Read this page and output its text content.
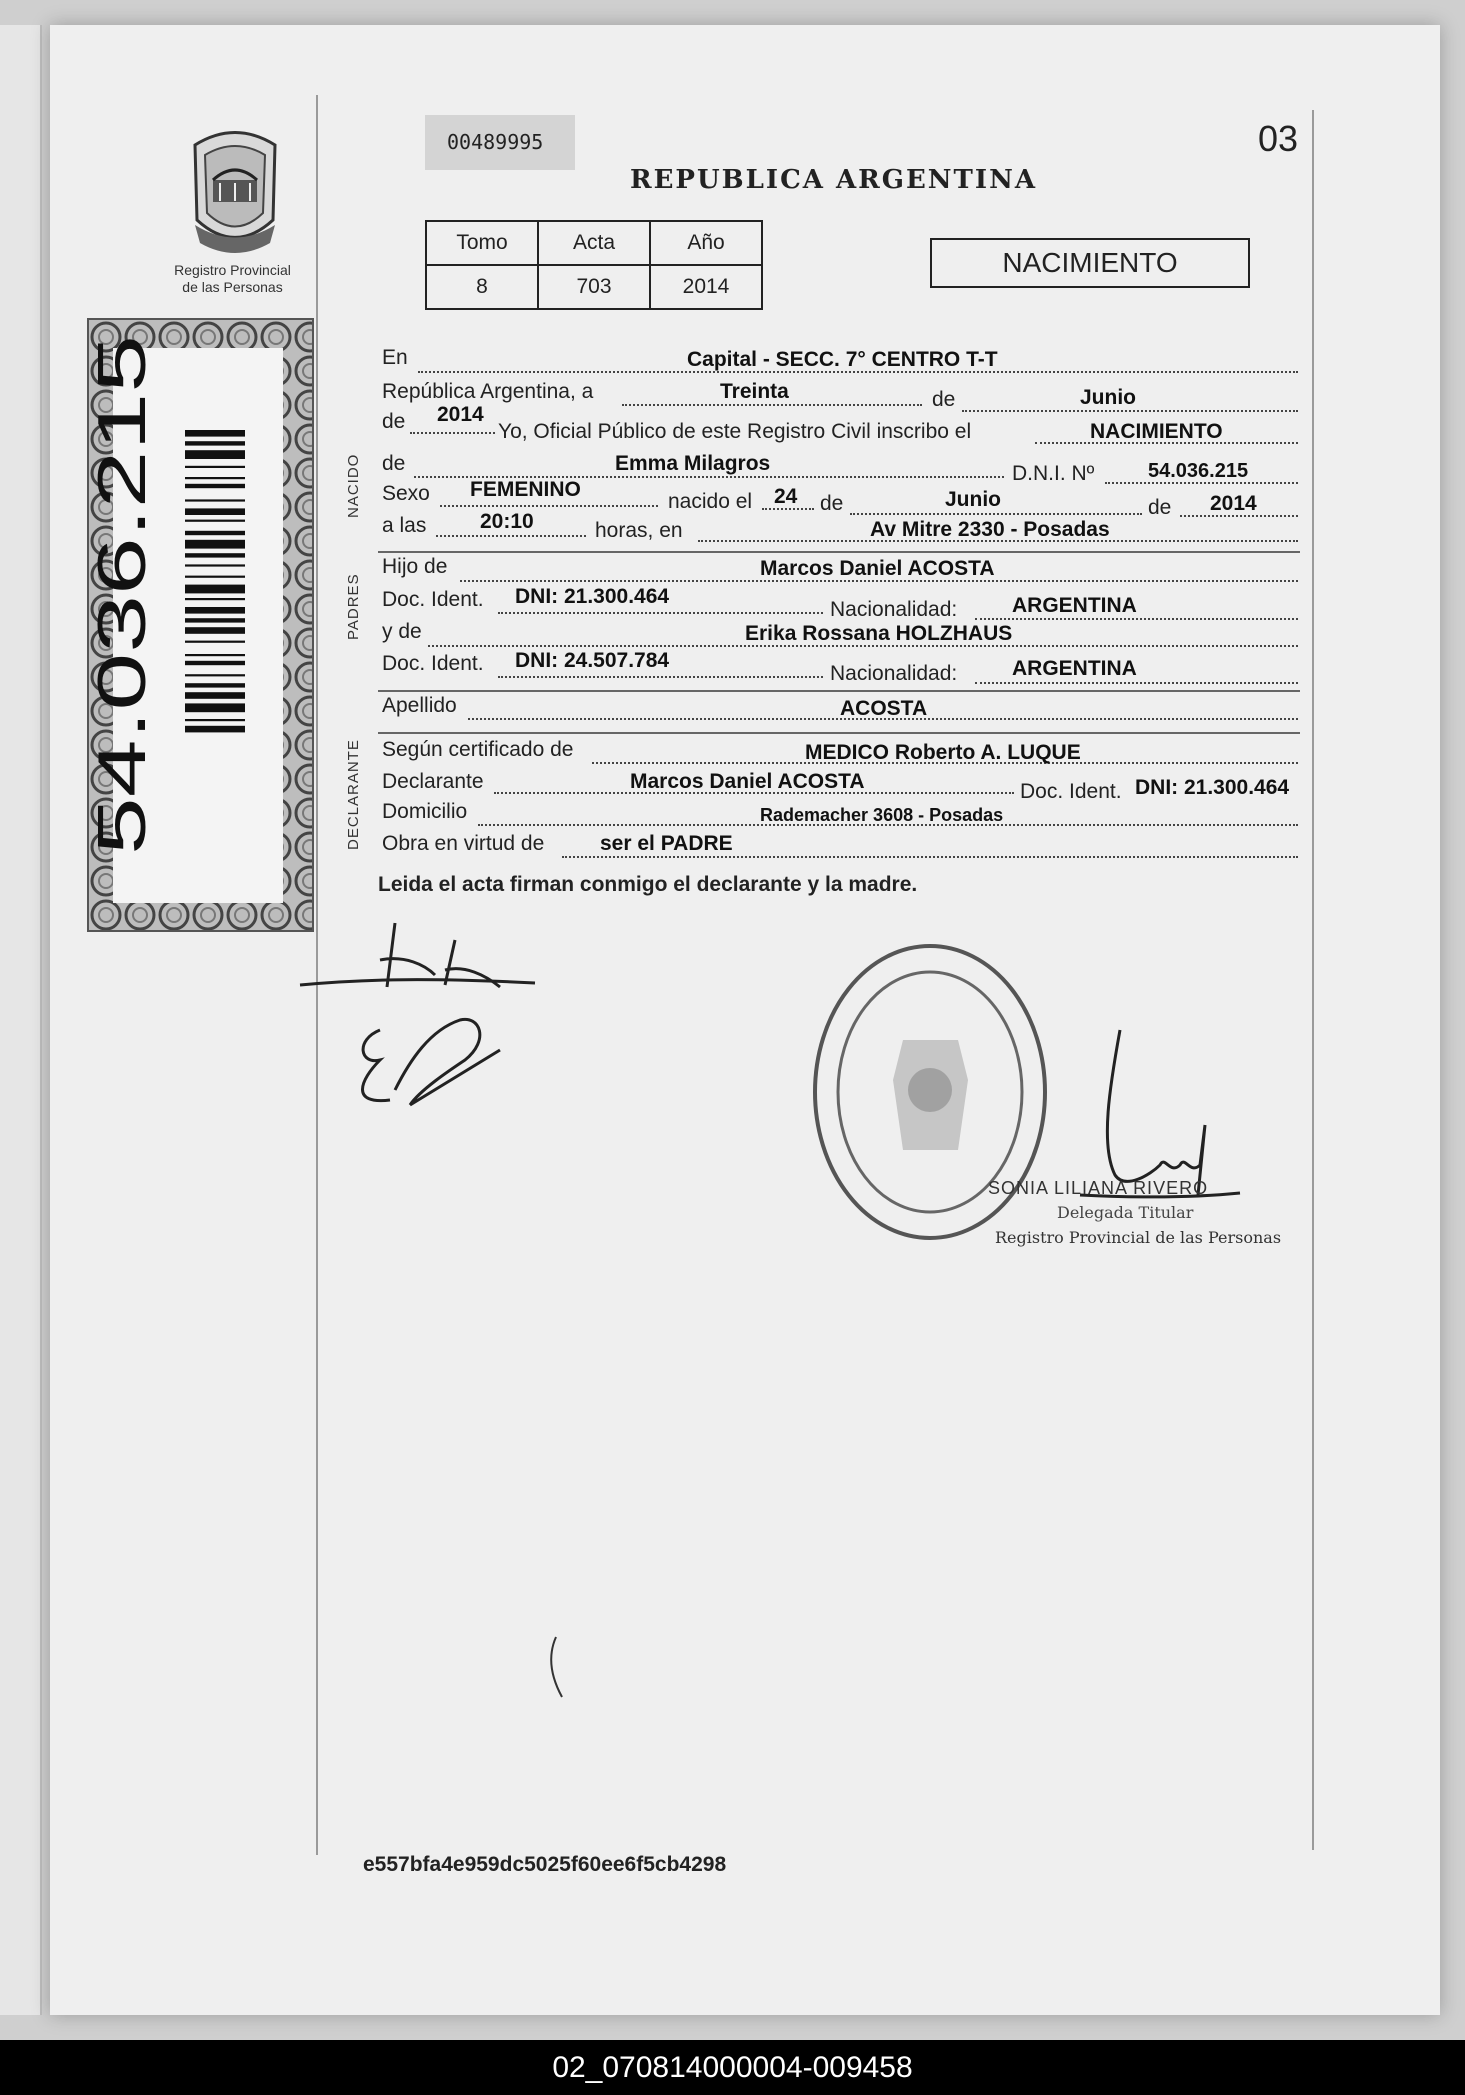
Registro Provincial
de las Personas
54.036.215
00489995	03
REPUBLICA ARGENTINA
Tomo	Acta	Año
8	703	2014
NACIMIENTO
NACIDO
PADRES
DECLARANTE
En	Capital - SECC. 7° CENTRO T-T
República Argentina, a	Treinta	de	Junio
de 2014
Yo, Oficial Público de este Registro Civil inscribo el	NACIMIENTO
de	Emma Milagros	D.N.I. Nº	54.036.215
Sexo FEMENINO
nacido el 24 de	Junio	de 2014
a las	20:10	horas, en	Av Mitre 2330 - Posadas
Hijo de	Marcos Daniel ACOSTA
Doc. Ident. DNI: 21.300.464
Nacionalidad:	ARGENTINA
y de	Erika Rossana HOLZHAUS
Doc. Ident. DNI: 24.507.784
Nacionalidad:	ARGENTINA
Apellido	ACOSTA
Según certificado de	MEDICO Roberto A. LUQUE
Declarante	Marcos Daniel ACOSTA	Doc. Ident. DNI: 21.300.464
Domicilio	Rademacher 3608 - Posadas
Obra en virtud de	ser el PADRE
Leida el acta firman conmigo el declarante y la madre.
SONIA LILIANA RIVERO
Delegada Titular
Registro Provincial de las Personas
e557bfa4e959dc5025f60ee6f5cb4298
02_070814000004-009458
